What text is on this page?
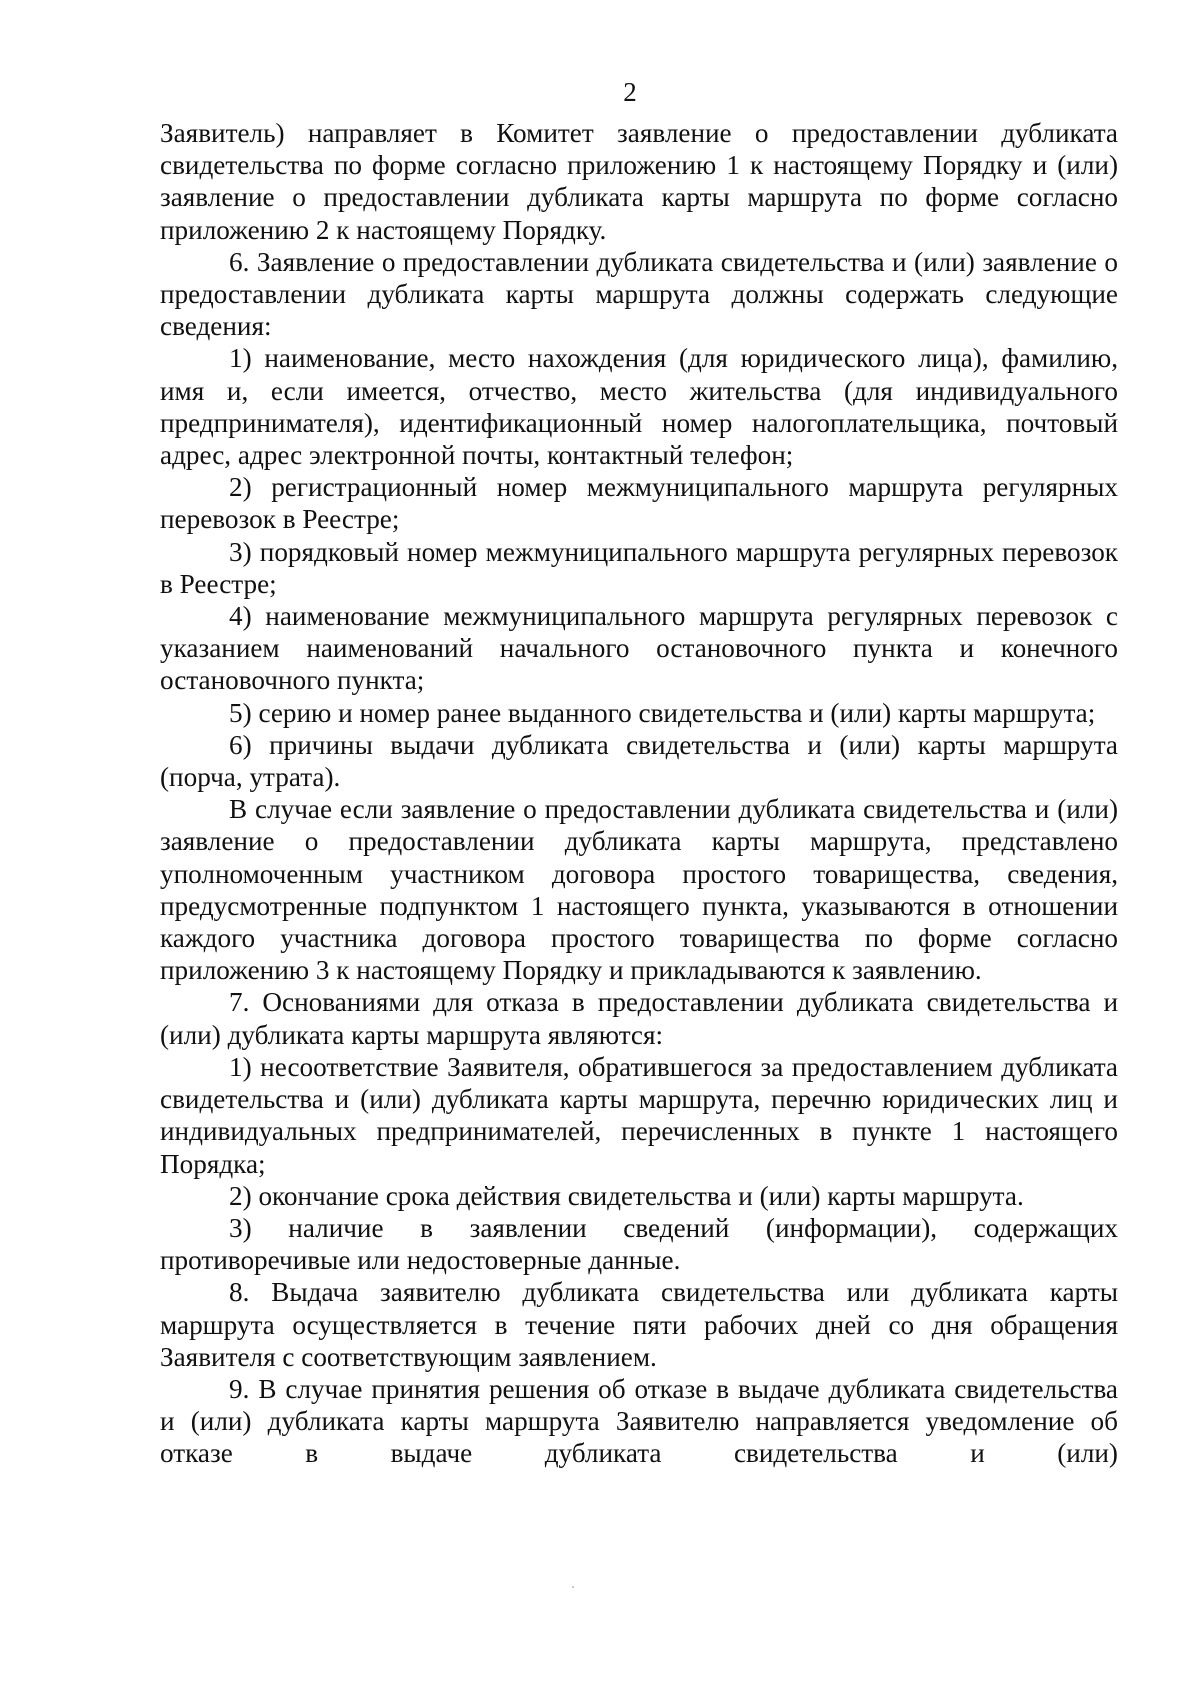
2

Заявитель) направляет в Комитет заявление о предоставлении дубликата свидетельства по форме согласно приложению 1 к настоящему Порядку и (или) заявление о предоставлении дубликата карты маршрута по форме согласно приложению 2 к настоящему Порядку.

6. Заявление о предоставлении дубликата свидетельства и (или) заявление о предоставлении дубликата карты маршрута должны содержать следующие сведения:

1) наименование, место нахождения (для юридического лица), фамилию, имя и, если имеется, отчество, место жительства (для индивидуального предпринимателя), идентификационный номер налогоплательщика, почтовый адрес, адрес электронной почты, контактный телефон;

2) регистрационный номер межмуниципального маршрута регулярных перевозок в Реестре;

3) порядковый номер межмуниципального маршрута регулярных перевозок в Реестре;

4) наименование межмуниципального маршрута регулярных перевозок с указанием наименований начального остановочного пункта и конечного остановочного пункта;

5) серию и номер ранее выданного свидетельства и (или) карты маршрута;

6) причины выдачи дубликата свидетельства и (или) карты маршрута (порча, утрата).

В случае если заявление о предоставлении дубликата свидетельства и (или) заявление о предоставлении дубликата карты маршрута, представлено уполномоченным участником договора простого товарищества, сведения, предусмотренные подпунктом 1 настоящего пункта, указываются в отношении каждого участника договора простого товарищества по форме согласно приложению 3 к настоящему Порядку и прикладываются к заявлению.

7. Основаниями для отказа в предоставлении дубликата свидетельства и (или) дубликата карты маршрута являются:

1) несоответствие Заявителя, обратившегося за предоставлением дубликата свидетельства и (или) дубликата карты маршрута, перечню юридических лиц и индивидуальных предпринимателей, перечисленных в пункте 1 настоящего Порядка;

2) окончание срока действия свидетельства и (или) карты маршрута.

3) наличие в заявлении сведений (информации), содержащих противоречивые или недостоверные данные.

8. Выдача заявителю дубликата свидетельства или дубликата карты маршрута осуществляется в течение пяти рабочих дней со дня обращения Заявителя с соответствующим заявлением.

9. В случае принятия решения об отказе в выдаче дубликата свидетельства и (или) дубликата карты маршрута Заявителю направляется уведомление об отказе в выдаче дубликата свидетельства и (или)
